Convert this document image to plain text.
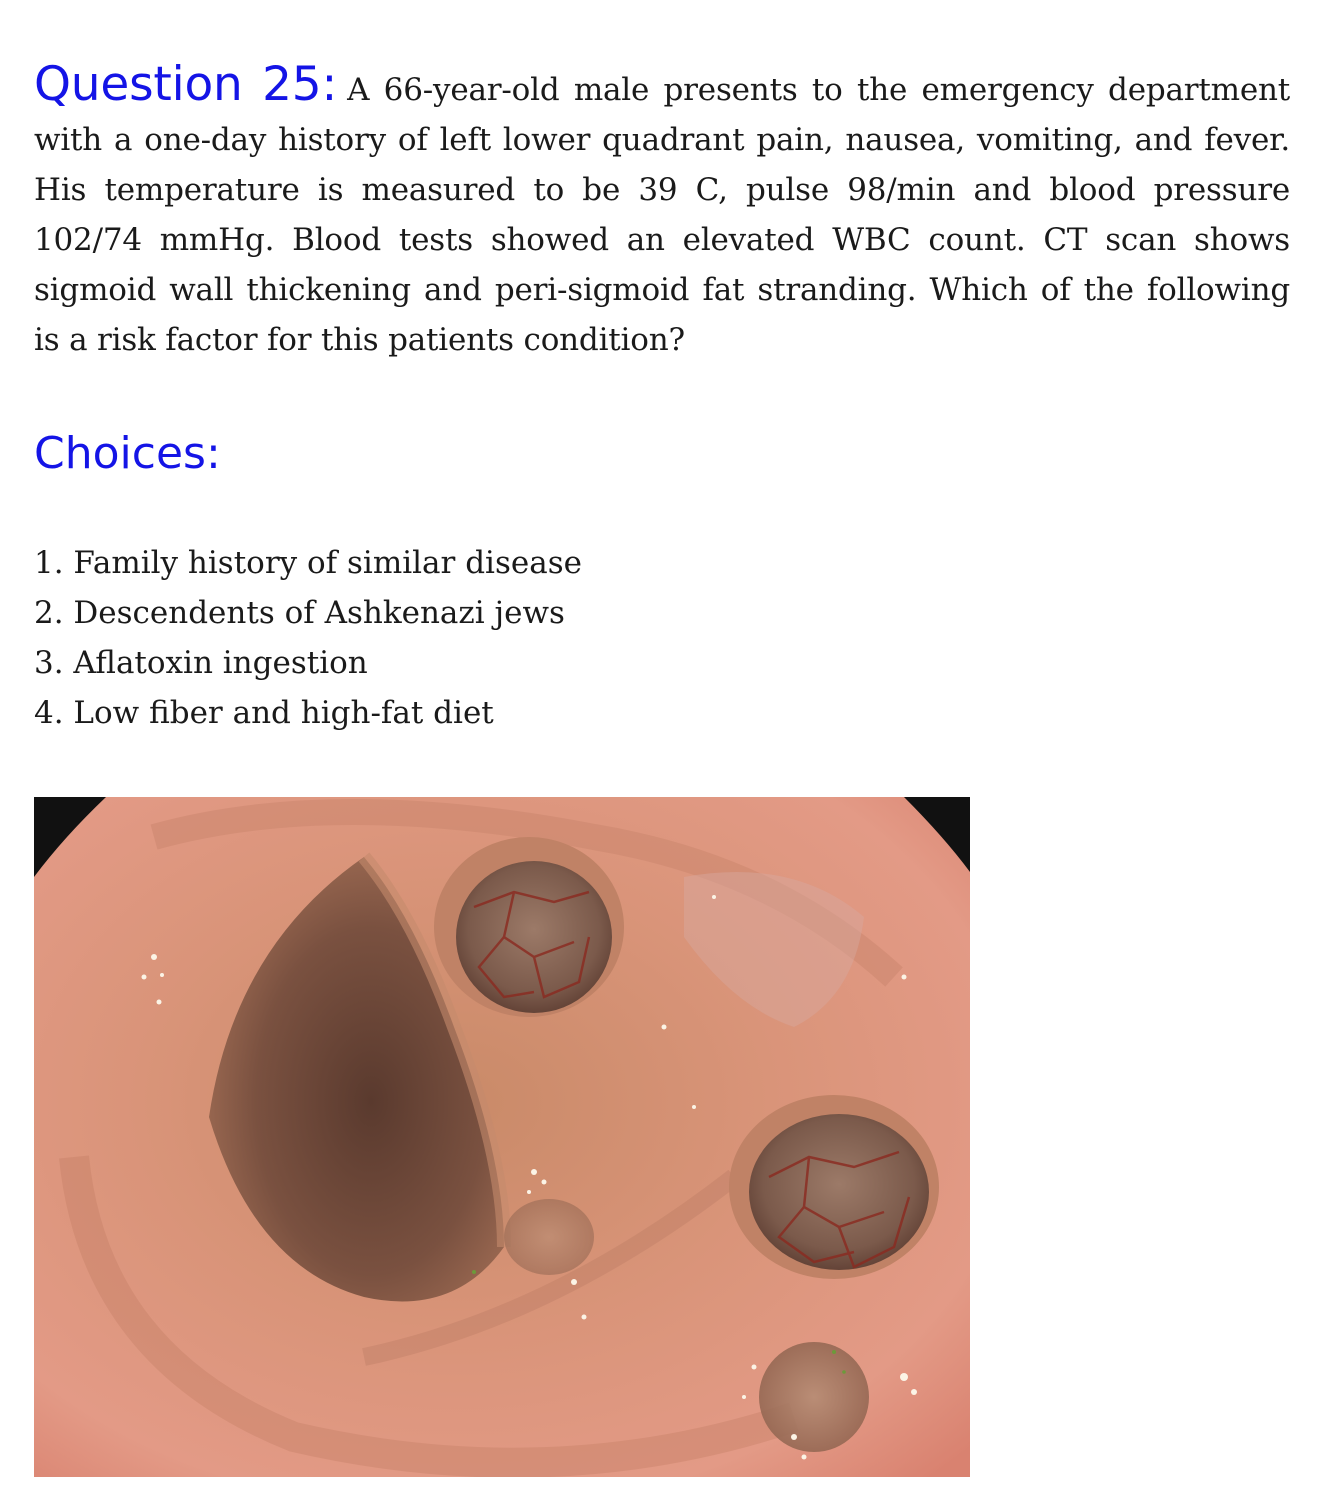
Question 25: A 66-year-old male presents to the emergency department with a one-day history of left lower quadrant pain, nausea, vomiting, and fever. His temperature is measured to be 39 C, pulse 98/min and blood pressure 102/74 mmHg. Blood tests showed an elevated WBC count. CT scan shows sigmoid wall thickening and peri-sigmoid fat stranding. Which of the following is a risk factor for this patients condition?

Choices:
1. Family history of similar disease
2. Descendents of Ashkenazi jews
3. Aflatoxin ingestion
4. Low fiber and high-fat diet
